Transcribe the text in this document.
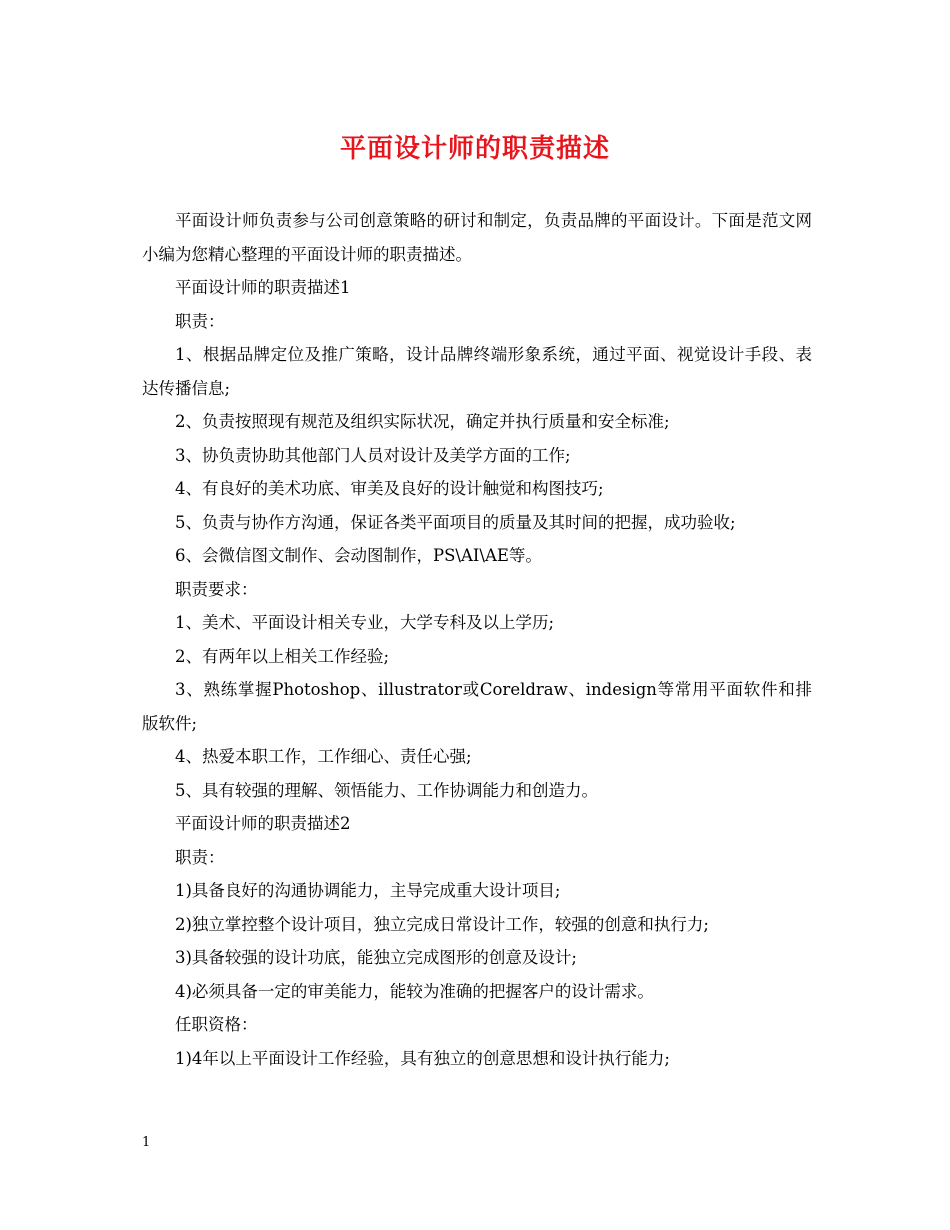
平面设计师的职责描述

平面设计师负责参与公司创意策略的研讨和制定，负责品牌的平面设计。下面是范文网小编为您精心整理的平面设计师的职责描述。

平面设计师的职责描述1

职责：

1、根据品牌定位及推广策略，设计品牌终端形象系统，通过平面、视觉设计手段、表达传播信息;

2、负责按照现有规范及组织实际状况，确定并执行质量和安全标准;

3、协负责协助其他部门人员对设计及美学方面的工作;

4、有良好的美术功底、审美及良好的设计触觉和构图技巧;

5、负责与协作方沟通，保证各类平面项目的质量及其时间的把握，成功验收;

6、会微信图文制作、会动图制作，PS\AI\AE等。

职责要求：

1、美术、平面设计相关专业，大学专科及以上学历;

2、有两年以上相关工作经验;

3、熟练掌握Photoshop、illustrator或Coreldraw、indesign等常用平面软件和排版软件;

4、热爱本职工作，工作细心、责任心强;

5、具有较强的理解、领悟能力、工作协调能力和创造力。

平面设计师的职责描述2

职责：

1)具备良好的沟通协调能力，主导完成重大设计项目;

2)独立掌控整个设计项目，独立完成日常设计工作，较强的创意和执行力;

3)具备较强的设计功底，能独立完成图形的创意及设计;

4)必须具备一定的审美能力，能较为准确的把握客户的设计需求。

任职资格：

1)4年以上平面设计工作经验，具有独立的创意思想和设计执行能力;

1
